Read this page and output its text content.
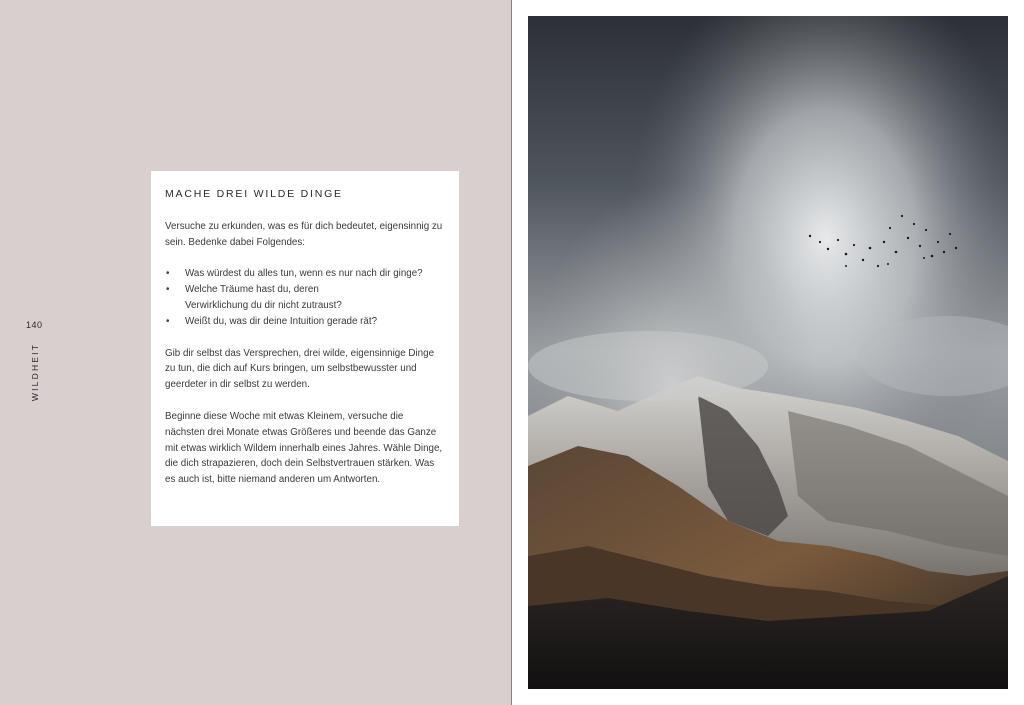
140
WILDHEIT
MACHE DREI WILDE DINGE

Versuche zu erkunden, was es für dich bedeutet, eigensinnig zu sein. Bedenke dabei Folgendes:

• Was würdest du alles tun, wenn es nur nach dir ginge?
• Welche Träume hast du, deren Verwirklichung du dir nicht zutraust?
• Weißt du, was dir deine Intuition gerade rät?

Gib dir selbst das Versprechen, drei wilde, eigensinnige Dinge zu tun, die dich auf Kurs bringen, um selbstbewusster und geerdeter in dir selbst zu werden.

Beginne diese Woche mit etwas Kleinem, versuche die nächsten drei Monate etwas Größeres und beende das Ganze mit etwas wirklich Wildem innerhalb eines Jahres. Wähle Dinge, die dich strapazieren, doch dein Selbstvertrauen stärken. Was es auch ist, bitte niemand anderen um Antworten.
